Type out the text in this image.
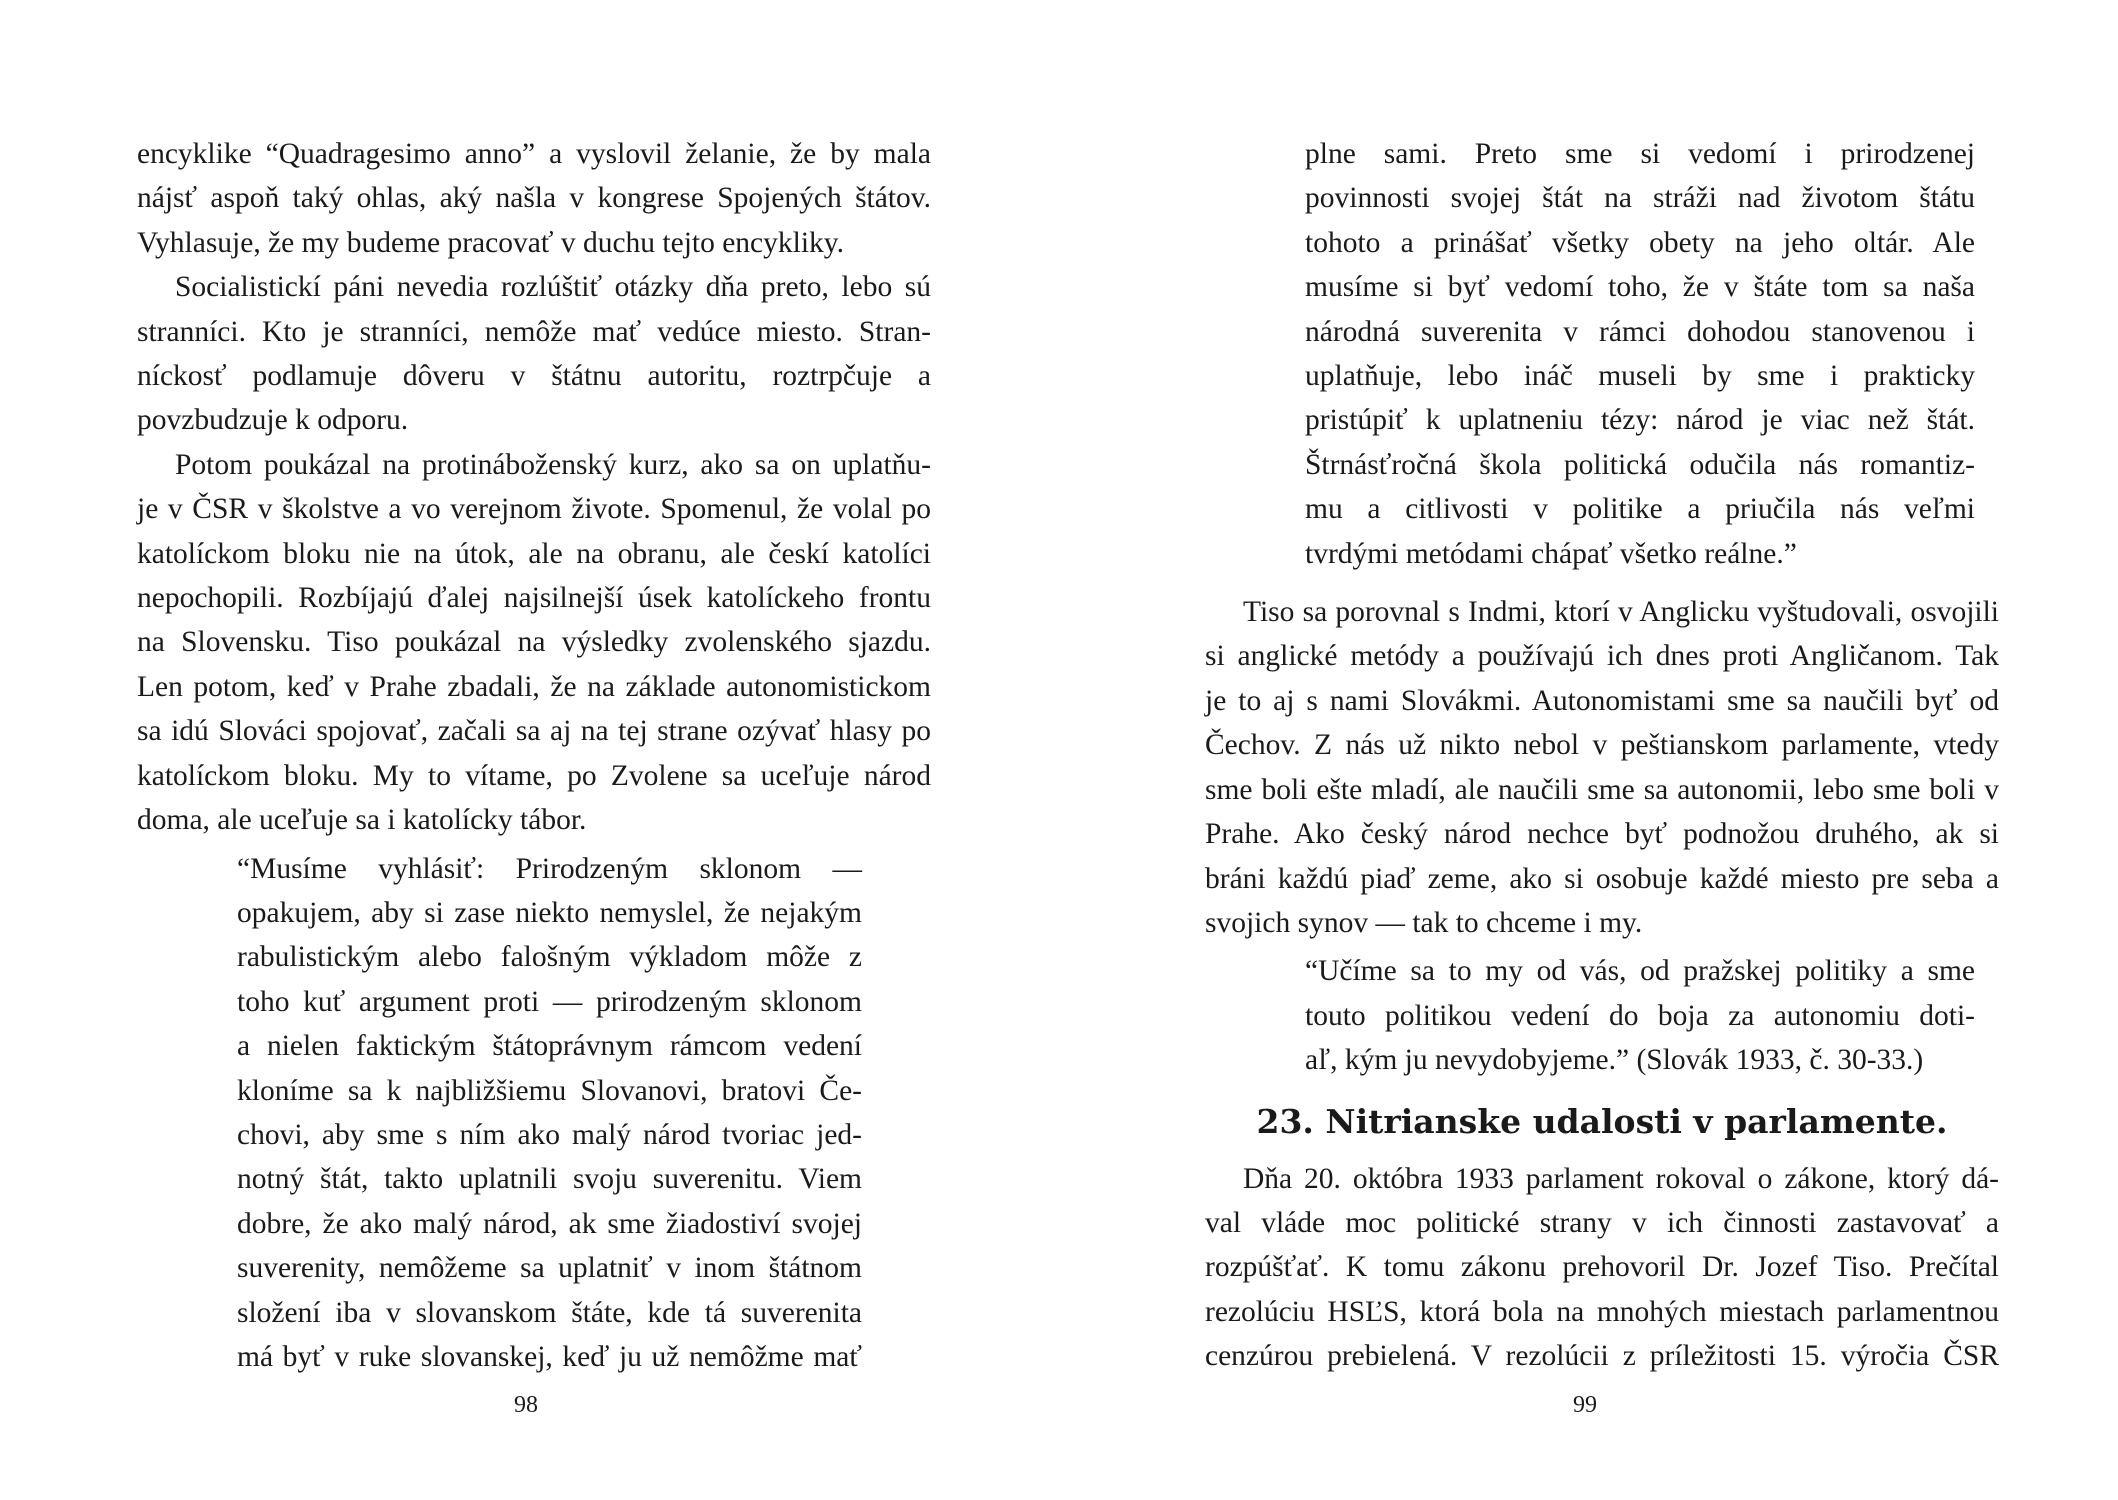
encyklike “Quadragesimo anno” a vyslovil želanie, že by mala
nájsť aspoň taký ohlas, aký našla v kongrese Spojených štátov.
Vyhlasuje, že my budeme pracovať v duchu tejto encykliky.

Socialistickí páni nevedia rozlúštiť otázky dňa preto, lebo sú
stranníci. Kto je stranníci, nemôže mať vedúce miesto. Stran-
níckosť podlamuje dôveru v štátnu autoritu, roztrpčuje a
povzbudzuje k odporu.

Potom poukázal na protináboženský kurz, ako sa on uplatňu-
je v ČSR v školstve a vo verejnom živote. Spomenul, že volal po
katolíckom bloku nie na útok, ale na obranu, ale českí katolíci
nepochopili. Rozbíjajú ďalej najsilnejší úsek katolíckeho frontu
na Slovensku. Tiso poukázal na výsledky zvolenského sjazdu.
Len potom, keď v Prahe zbadali, že na základe autonomistickom
sa idú Slováci spojovať, začali sa aj na tej strane ozývať hlasy po
katolíckom bloku. My to vítame, po Zvolene sa uceľuje národ
doma, ale uceľuje sa i katolícky tábor.

“Musíme vyhlásiť: Prirodzeným sklonom —
opakujem, aby si zase niekto nemyslel, že nejakým
rabulistickým alebo falošným výkladom môže z
toho kuť argument proti — prirodzeným sklonom
a nielen faktickým štátoprávnym rámcom vedení
kloníme sa k najbližšiemu Slovanovi, bratovi Če-
chovi, aby sme s ním ako malý národ tvoriac jed-
notný štát, takto uplatnili svoju suverenitu. Viem
dobre, že ako malý národ, ak sme žiadostiví svojej
suverenity, nemôžeme sa uplatniť v inom štátnom
složení iba v slovanskom štáte, kde tá suverenita
má byť v ruke slovanskej, keď ju už nemôžme mať

98

plne sami. Preto sme si vedomí i prirodzenej
povinnosti svojej štát na stráži nad životom štátu
tohoto a prinášať všetky obety na jeho oltár. Ale
musíme si byť vedomí toho, že v štáte tom sa naša
národná suverenita v rámci dohodou stanovenou i
uplatňuje, lebo ináč museli by sme i prakticky
pristúpiť k uplatneniu tézy: národ je viac než štát.
Štrnásťročná škola politická odučila nás romantiz-
mu a citlivosti v politike a priučila nás veľmi
tvrdými metódami chápať všetko reálne.”

Tiso sa porovnal s Indmi, ktorí v Anglicku vyštudovali, osvojili
si anglické metódy a používajú ich dnes proti Angličanom. Tak
je to aj s nami Slovákmi. Autonomistami sme sa naučili byť od
Čechov. Z nás už nikto nebol v peštianskom parlamente, vtedy
sme boli ešte mladí, ale naučili sme sa autonomii, lebo sme boli v
Prahe. Ako český národ nechce byť podnožou druhého, ak si
bráni každú piaď zeme, ako si osobuje každé miesto pre seba a
svojich synov — tak to chceme i my.

“Učíme sa to my od vás, od pražskej politiky a sme
touto politikou vedení do boja za autonomiu doti-
aľ, kým ju nevydobyjeme.” (Slovák 1933, č. 30-33.)

23. Nitrianske udalosti v parlamente.

Dňa 20. októbra 1933 parlament rokoval o zákone, ktorý dá-
val vláde moc politické strany v ich činnosti zastavovať a
rozpúšťať. K tomu zákonu prehovoril Dr. Jozef Tiso. Prečítal
rezolúciu HSĽS, ktorá bola na mnohých miestach parlamentnou
cenzúrou prebielená. V rezolúcii z príležitosti 15. výročia ČSR

99
